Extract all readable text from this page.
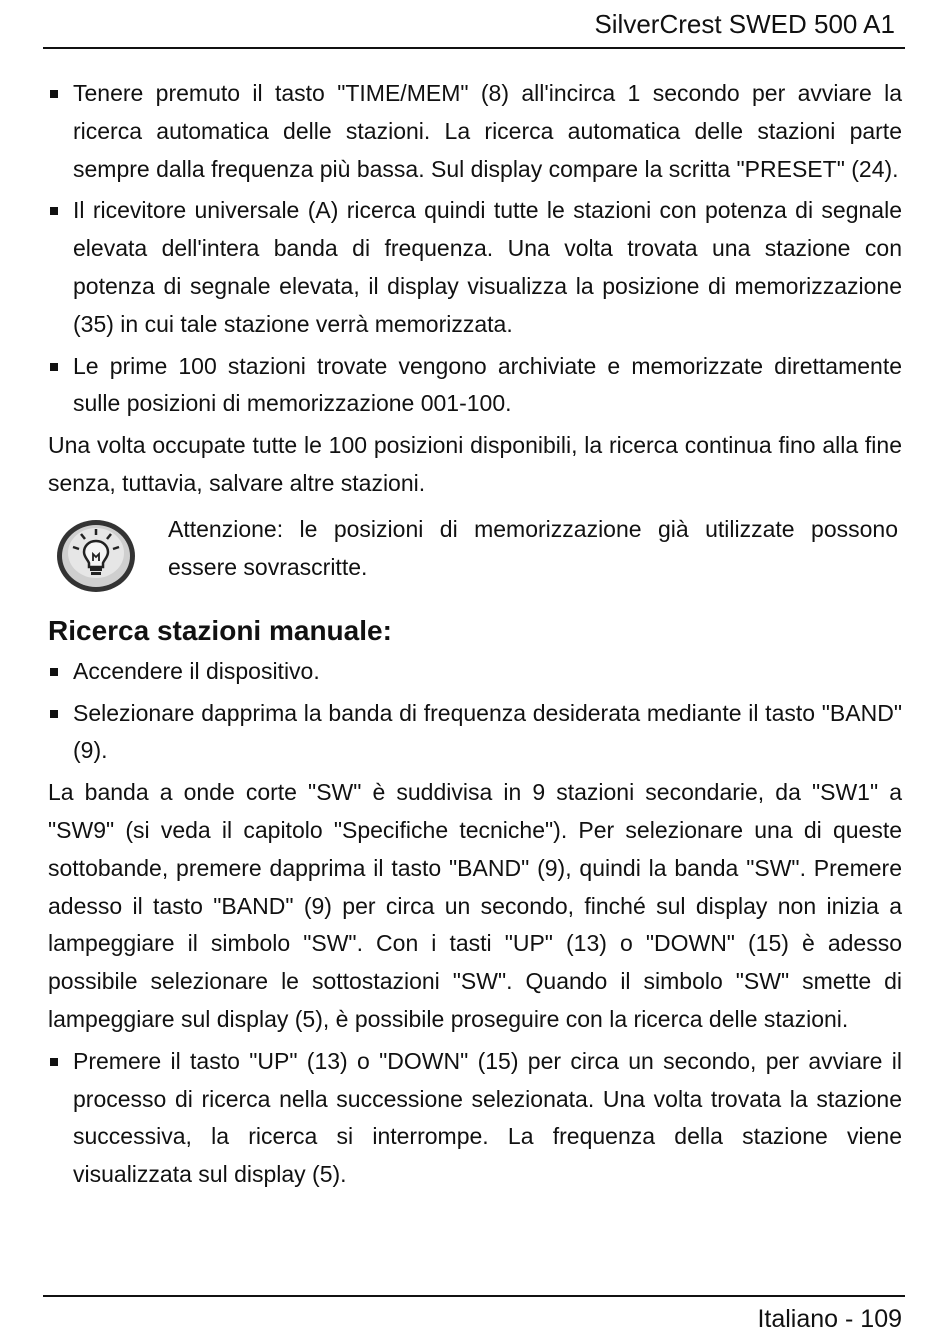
SilverCrest SWED 500 A1
Tenere premuto il tasto "TIME/MEM" (8) all'incirca 1 secondo per avviare la ricerca automatica delle stazioni. La ricerca automatica delle stazioni parte sempre dalla frequenza più bassa. Sul display compare la scritta "PRESET" (24).
Il ricevitore universale (A) ricerca quindi tutte le stazioni con potenza di segnale elevata dell'intera banda di frequenza. Una volta trovata una stazione con potenza di segnale elevata, il display visualizza la posizione di memorizzazione (35) in cui tale stazione verrà memorizzata.
Le prime 100 stazioni trovate vengono archiviate e memorizzate direttamente sulle posizioni di memorizzazione 001-100.

Una volta occupate tutte le 100 posizioni disponibili, la ricerca continua fino alla fine senza, tuttavia, salvare altre stazioni.

Attenzione: le posizioni di memorizzazione già utilizzate possono essere sovrascritte.
Ricerca stazioni manuale:
Accendere il dispositivo.
Selezionare dapprima la banda di frequenza desiderata mediante il tasto "BAND" (9).

La banda a onde corte "SW" è suddivisa in 9 stazioni secondarie, da "SW1" a "SW9" (si veda il capitolo "Specifiche tecniche"). Per selezionare una di queste sottobande, premere dapprima il tasto "BAND" (9), quindi la banda "SW". Premere adesso il tasto "BAND" (9) per circa un secondo, finché sul display non inizia a lampeggiare il simbolo "SW". Con i tasti "UP" (13) o "DOWN" (15) è adesso possibile selezionare le sottostazioni "SW". Quando il simbolo "SW" smette di lampeggiare sul display (5), è possibile proseguire con la ricerca delle stazioni.

Premere il tasto "UP" (13) o "DOWN" (15) per circa un secondo, per avviare il processo di ricerca nella successione selezionata. Una volta trovata la stazione successiva, la ricerca si interrompe. La frequenza della stazione viene visualizzata sul display (5).
Italiano - 109
